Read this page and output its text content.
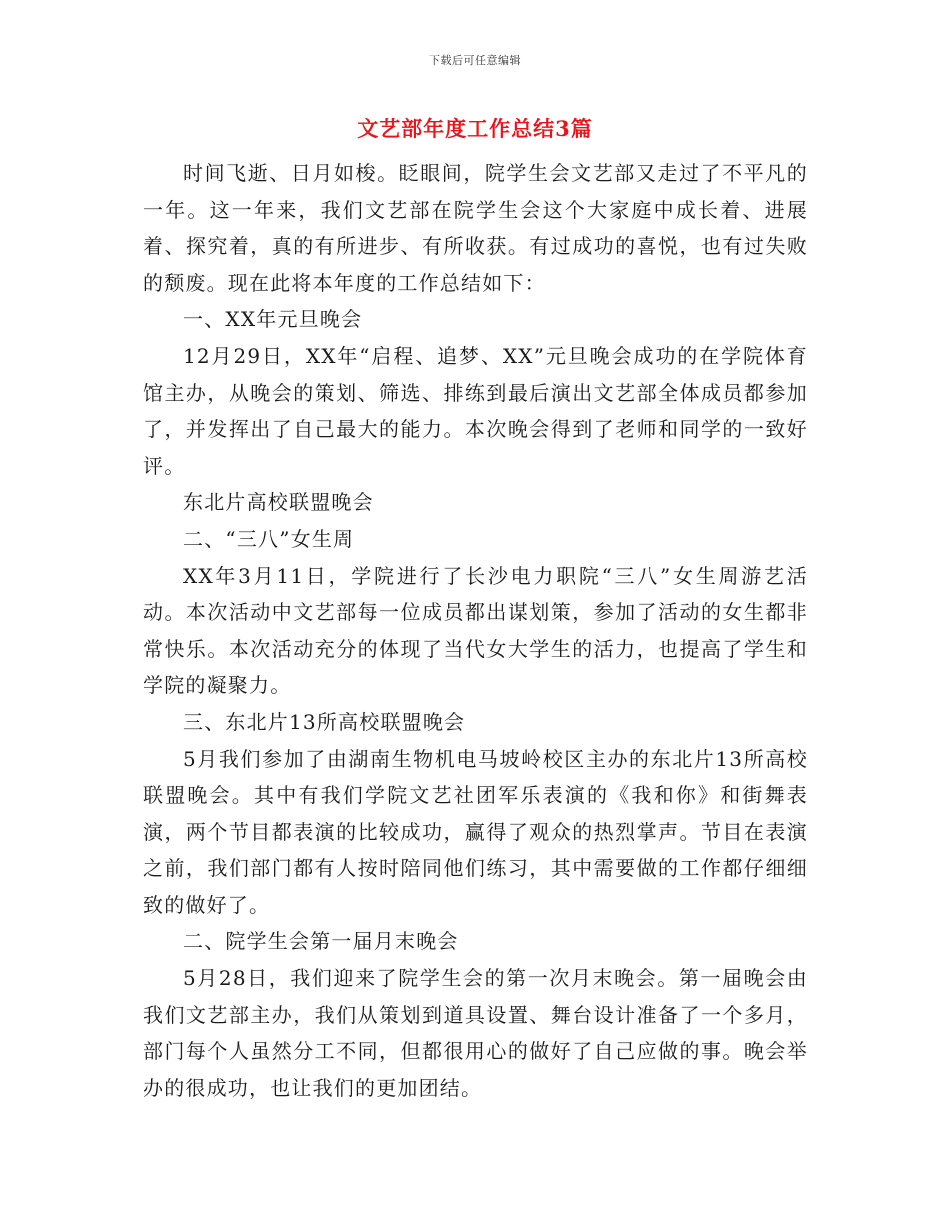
下载后可任意编辑
文艺部年度工作总结3篇

时间飞逝、日月如梭。眨眼间，院学生会文艺部又走过了不平凡的一年。这一年来，我们文艺部在院学生会这个大家庭中成长着、进展着、探究着，真的有所进步、有所收获。有过成功的喜悦，也有过失败的颓废。现在此将本年度的工作总结如下：

一、XX年元旦晚会

12月29日，XX年“启程、追梦、XX”元旦晚会成功的在学院体育馆主办，从晚会的策划、筛选、排练到最后演出文艺部全体成员都参加了，并发挥出了自己最大的能力。本次晚会得到了老师和同学的一致好评。

东北片高校联盟晚会

二、“三八”女生周

XX年3月11日，学院进行了长沙电力职院“三八”女生周游艺活动。本次活动中文艺部每一位成员都出谋划策，参加了活动的女生都非常快乐。本次活动充分的体现了当代女大学生的活力，也提高了学生和学院的凝聚力。

三、东北片13所高校联盟晚会

5月我们参加了由湖南生物机电马坡岭校区主办的东北片13所高校联盟晚会。其中有我们学院文艺社团军乐表演的《我和你》和街舞表演，两个节目都表演的比较成功，赢得了观众的热烈掌声。节目在表演之前，我们部门都有人按时陪同他们练习，其中需要做的工作都仔细细致的做好了。

二、院学生会第一届月末晚会

5月28日，我们迎来了院学生会的第一次月末晚会。第一届晚会由我们文艺部主办，我们从策划到道具设置、舞台设计准备了一个多月，部门每个人虽然分工不同，但都很用心的做好了自己应做的事。晚会举办的很成功，也让我们的更加团结。
